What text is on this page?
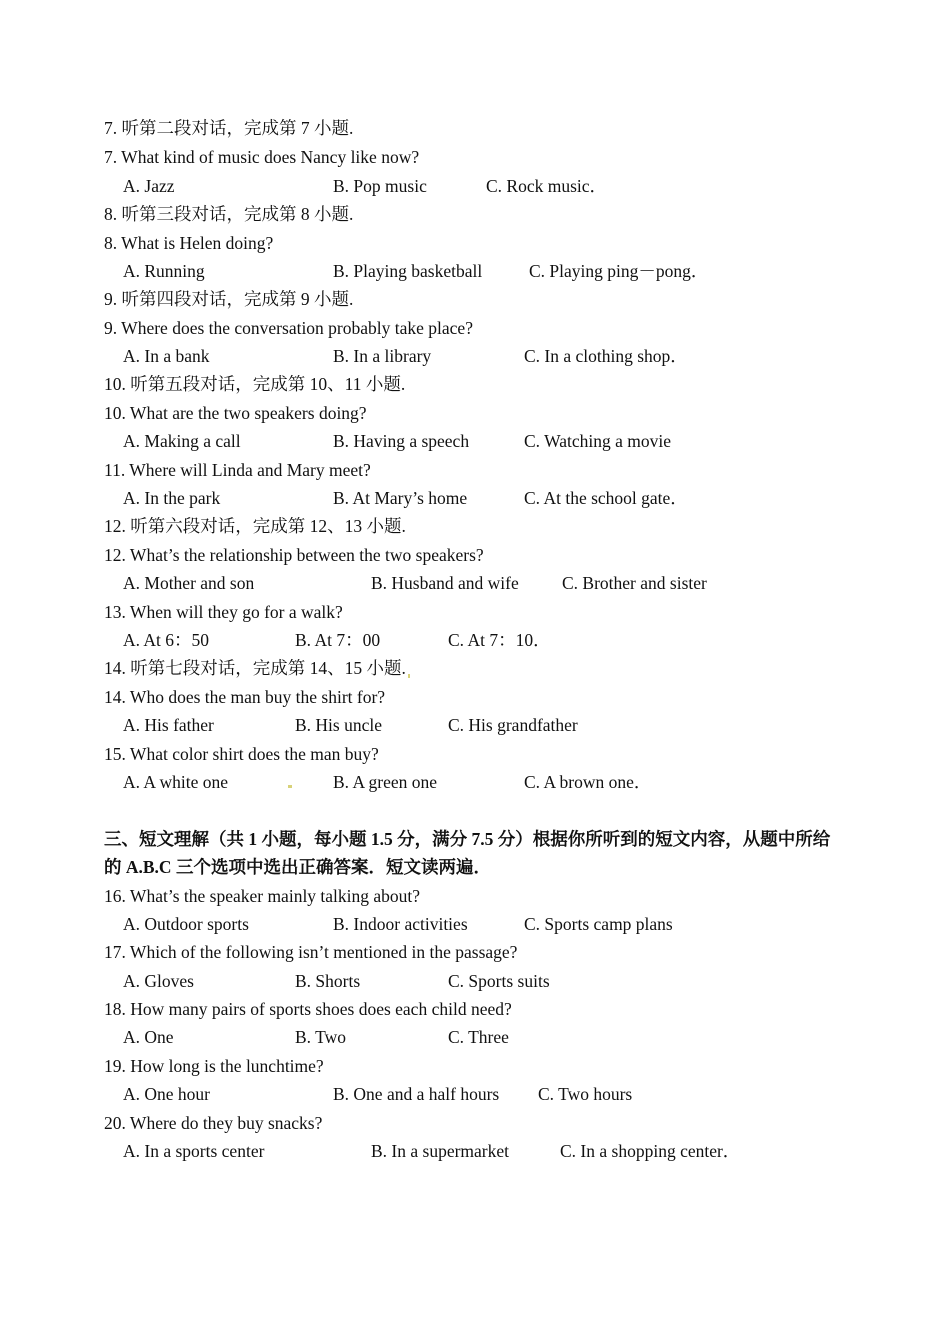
7. 听第二段对话，完成第 7 小题.
7. What kind of music does Nancy like now?
A. Jazz	B. Pop music	C. Rock music．
8. 听第三段对话，完成第 8 小题.
8. What is Helen doing?
A. Running	B. Playing basketball	C. Playing ping－pong．
9. 听第四段对话，完成第 9 小题.
9. Where does the conversation probably take place?
A. In a bank	B. In a library	C. In a clothing shop．
10. 听第五段对话，完成第 10、11 小题.
10. What are the two speakers doing?
A. Making a call	B. Having a speech	C. Watching a movie
11. Where will Linda and Mary meet?
A. In the park	B. At Mary’s home	C. At the school gate．
12. 听第六段对话，完成第 12、13 小题.
12. What’s the relationship between the two speakers?
A. Mother and son	B. Husband and wife C. Brother and sister
13. When will they go for a walk?
A. At 6：50	B. At 7：00	C. At 7：10．
14. 听第七段对话，完成第 14、15 小题.
14. Who does the man buy the shirt for?
A. His father	B. His uncle	C. His grandfather
15. What color shirt does the man buy?
A. A white one	B. A green one	C. A brown one．
三、短文理解（共 1 小题，每小题 1.5 分，满分 7.5 分）根据你所听到的短文内容，从题中所给
的 A.B.C 三个选项中选出正确答案．短文读两遍．
16. What’s the speaker mainly talking about?
A. Outdoor sports	B. Indoor activities	C. Sports camp plans
17. Which of the following isn’t mentioned in the passage?
A. Gloves	B. Shorts	C. Sports suits
18. How many pairs of sports shoes does each child need?
A. One	B. Two	C. Three
19. How long is the lunchtime?
A. One hour	B. One and a half hours C. Two hours
20. Where do they buy snacks?
A. In a sports center	B. In a supermarket	C. In a shopping center．
